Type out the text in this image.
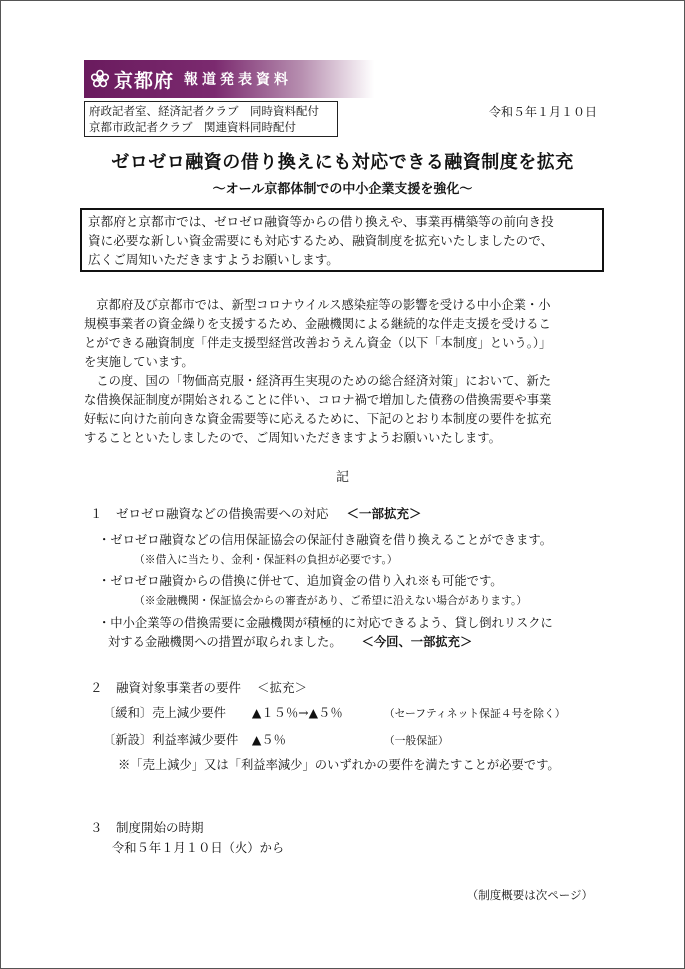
京都府 報道発表資料
府政記者室、経済記者クラブ　同時資料配付
京都市政記者クラブ　関連資料同時配付
令和５年１月１０日
ゼロゼロ融資の借り換えにも対応できる融資制度を拡充
～オール京都体制での中小企業支援を強化～
京都府と京都市では、ゼロゼロ融資等からの借り換えや、事業再構築等の前向き投
資に必要な新しい資金需要にも対応するため、融資制度を拡充いたしましたので、
広くご周知いただきますようお願いします。
　京都府及び京都市では、新型コロナウイルス感染症等の影響を受ける中小企業・小
規模事業者の資金繰りを支援するため、金融機関による継続的な伴走支援を受けるこ
とができる融資制度「伴走支援型経営改善おうえん資金（以下「本制度」という。）」
を実施しています。
　この度、国の「物価高克服・経済再生実現のための総合経済対策」において、新た
な借換保証制度が開始されることに伴い、コロナ禍で増加した債務の借換需要や事業
好転に向けた前向きな資金需要等に応えるために、下記のとおり本制度の要件を拡充
することといたしましたので、ご周知いただきますようお願いいたします。
記
１ ゼロゼロ融資などの借換需要への対応 ＜一部拡充＞
・ゼロゼロ融資などの信用保証協会の保証付き融資を借り換えることができます。
（※借入に当たり、金利・保証料の負担が必要です。）
・ゼロゼロ融資からの借換に併せて、追加資金の借り入れ※も可能です。
（※金融機関・保証協会からの審査があり、ご希望に沿えない場合があります。）
・中小企業等の借換需要に金融機関が積極的に対応できるよう、貸し倒れリスクに
対する金融機関への措置が取られました。 ＜今回、一部拡充＞
２ 融資対象事業者の要件 ＜拡充＞
〔緩和〕売上減少要件 ▲１５％→▲５％	（セーフティネット保証４号を除く）
〔新設〕利益率減少要件 ▲５％	（一般保証）
※「売上減少」又は「利益率減少」のいずれかの要件を満たすことが必要です。
３ 制度開始の時期
令和５年１月１０日（火）から
（制度概要は次ページ）
